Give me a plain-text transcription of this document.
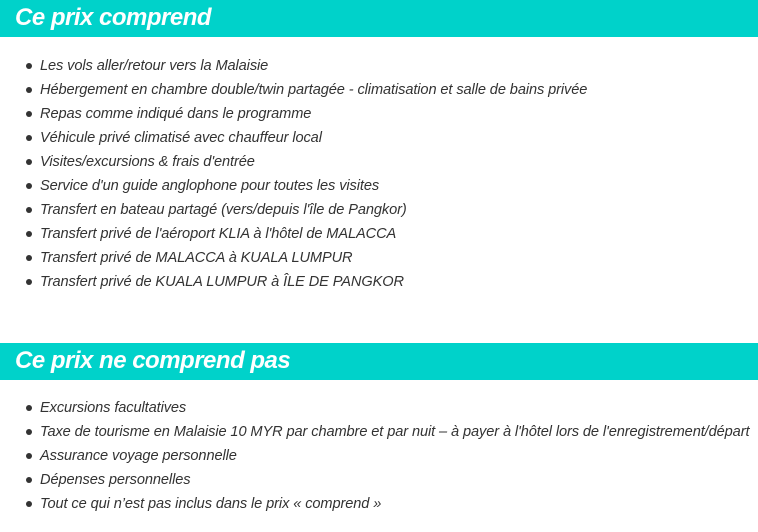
Ce prix comprend
Les vols aller/retour vers la Malaisie
Hébergement en chambre double/twin partagée - climatisation et salle de bains privée
Repas comme indiqué dans le programme
Véhicule privé climatisé avec chauffeur local
Visites/excursions & frais d'entrée
Service d'un guide anglophone pour toutes les visites
Transfert en bateau partagé (vers/depuis l'île de Pangkor)
Transfert privé de l'aéroport KLIA à l'hôtel de MALACCA
Transfert privé de MALACCA à KUALA LUMPUR
Transfert privé de KUALA LUMPUR à ÎLE DE PANGKOR
Ce prix ne comprend pas
Excursions facultatives
Taxe de tourisme en Malaisie 10 MYR par chambre et par nuit – à payer à l'hôtel lors de l'enregistrement/départ
Assurance voyage personnelle
Dépenses personnelles
Tout ce qui n’est pas inclus dans le prix « comprend »
